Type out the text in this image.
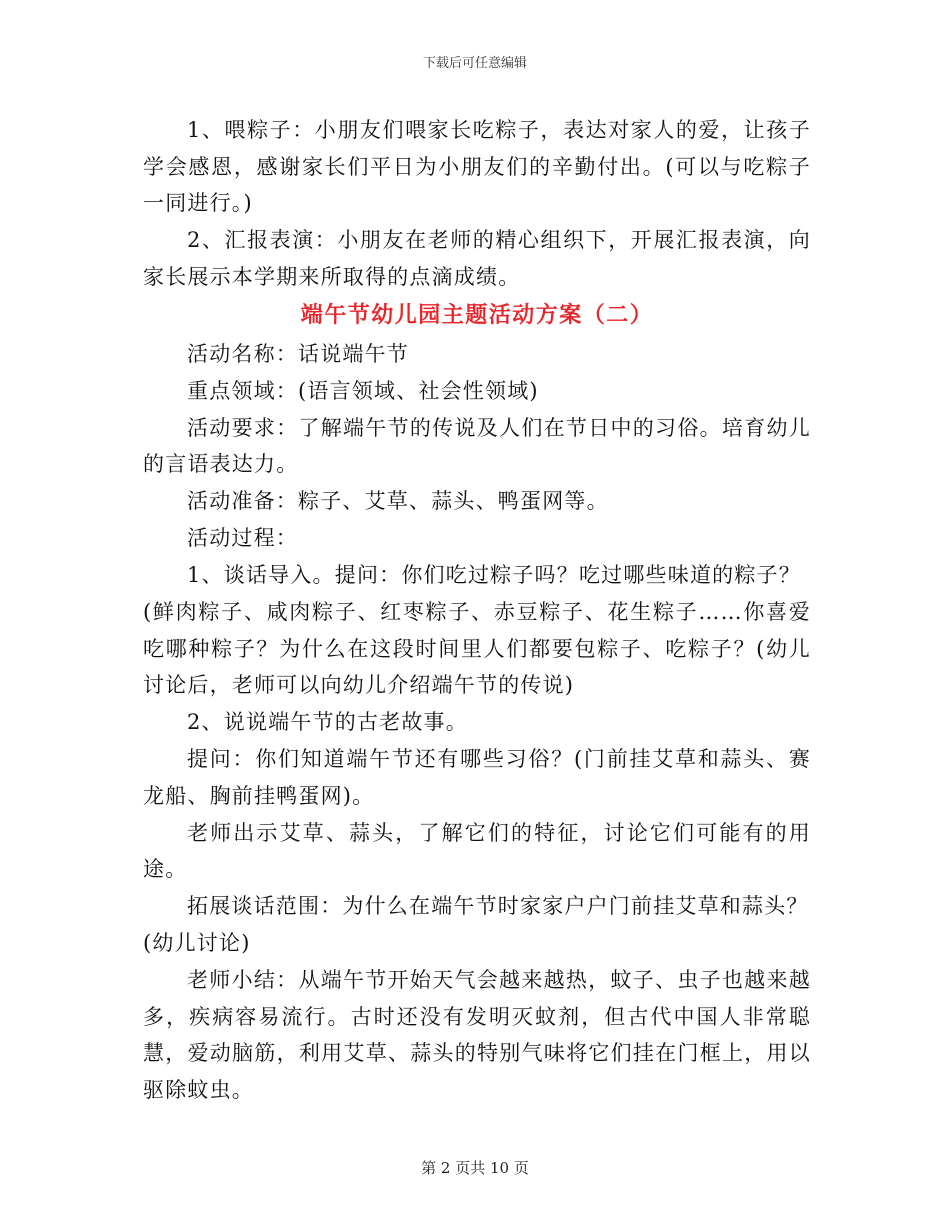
下载后可任意编辑

1、喂粽子：小朋友们喂家长吃粽子，表达对家人的爱，让孩子学会感恩，感谢家长们平日为小朋友们的辛勤付出。(可以与吃粽子一同进行。)

2、汇报表演：小朋友在老师的精心组织下，开展汇报表演，向家长展示本学期来所取得的点滴成绩。

端午节幼儿园主题活动方案（二）

活动名称：话说端午节

重点领域：(语言领域、社会性领域)

活动要求：了解端午节的传说及人们在节日中的习俗。培育幼儿的言语表达力。

活动准备：粽子、艾草、蒜头、鸭蛋网等。

活动过程：

1、谈话导入。提问：你们吃过粽子吗？吃过哪些味道的粽子？

(鲜肉粽子、咸肉粽子、红枣粽子、赤豆粽子、花生粽子……你喜爱吃哪种粽子？为什么在这段时间里人们都要包粽子、吃粽子？(幼儿讨论后，老师可以向幼儿介绍端午节的传说)

2、说说端午节的古老故事。

提问：你们知道端午节还有哪些习俗？(门前挂艾草和蒜头、赛龙船、胸前挂鸭蛋网)。

老师出示艾草、蒜头，了解它们的特征，讨论它们可能有的用途。

拓展谈话范围：为什么在端午节时家家户户门前挂艾草和蒜头？

(幼儿讨论)

老师小结：从端午节开始天气会越来越热，蚊子、虫子也越来越多，疾病容易流行。古时还没有发明灭蚊剂，但古代中国人非常聪慧，爱动脑筋，利用艾草、蒜头的特别气味将它们挂在门框上，用以驱除蚊虫。

第 2 页共 10 页
